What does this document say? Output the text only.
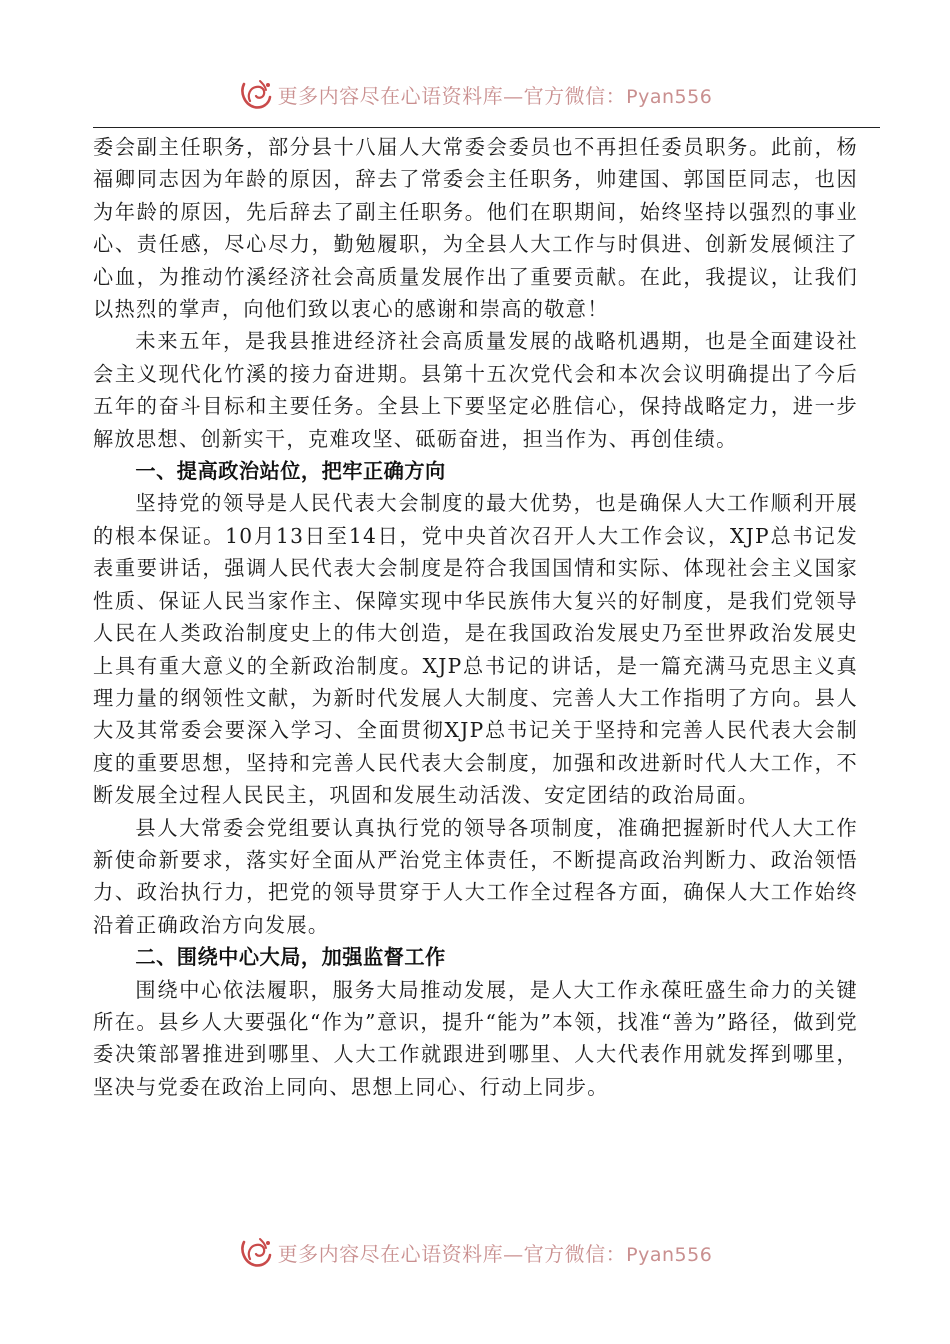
更多内容尽在心语资料库—官方微信：Pyan556

委会副主任职务，部分县十八届人大常委会委员也不再担任委员职务。此前，杨福卿同志因为年龄的原因，辞去了常委会主任职务，帅建国、郭国臣同志，也因为年龄的原因，先后辞去了副主任职务。他们在职期间，始终坚持以强烈的事业心、责任感，尽心尽力，勤勉履职，为全县人大工作与时俱进、创新发展倾注了心血，为推动竹溪经济社会高质量发展作出了重要贡献。在此，我提议，让我们以热烈的掌声，向他们致以衷心的感谢和崇高的敬意！

未来五年，是我县推进经济社会高质量发展的战略机遇期，也是全面建设社会主义现代化竹溪的接力奋进期。县第十五次党代会和本次会议明确提出了今后五年的奋斗目标和主要任务。全县上下要坚定必胜信心，保持战略定力，进一步解放思想、创新实干，克难攻坚、砥砺奋进，担当作为、再创佳绩。

一、提高政治站位，把牢正确方向

坚持党的领导是人民代表大会制度的最大优势，也是确保人大工作顺利开展的根本保证。10月13日至14日，党中央首次召开人大工作会议，XJP总书记发表重要讲话，强调人民代表大会制度是符合我国国情和实际、体现社会主义国家性质、保证人民当家作主、保障实现中华民族伟大复兴的好制度，是我们党领导人民在人类政治制度史上的伟大创造，是在我国政治发展史乃至世界政治发展史上具有重大意义的全新政治制度。XJP总书记的讲话，是一篇充满马克思主义真理力量的纲领性文献，为新时代发展人大制度、完善人大工作指明了方向。县人大及其常委会要深入学习、全面贯彻XJP总书记关于坚持和完善人民代表大会制度的重要思想，坚持和完善人民代表大会制度，加强和改进新时代人大工作，不断发展全过程人民民主，巩固和发展生动活泼、安定团结的政治局面。

县人大常委会党组要认真执行党的领导各项制度，准确把握新时代人大工作新使命新要求，落实好全面从严治党主体责任，不断提高政治判断力、政治领悟力、政治执行力，把党的领导贯穿于人大工作全过程各方面，确保人大工作始终沿着正确政治方向发展。

二、围绕中心大局，加强监督工作

围绕中心依法履职，服务大局推动发展，是人大工作永葆旺盛生命力的关键所在。县乡人大要强化“作为”意识，提升“能为”本领，找准“善为”路径，做到党委决策部署推进到哪里、人大工作就跟进到哪里、人大代表作用就发挥到哪里，坚决与党委在政治上同向、思想上同心、行动上同步。

更多内容尽在心语资料库—官方微信：Pyan556
